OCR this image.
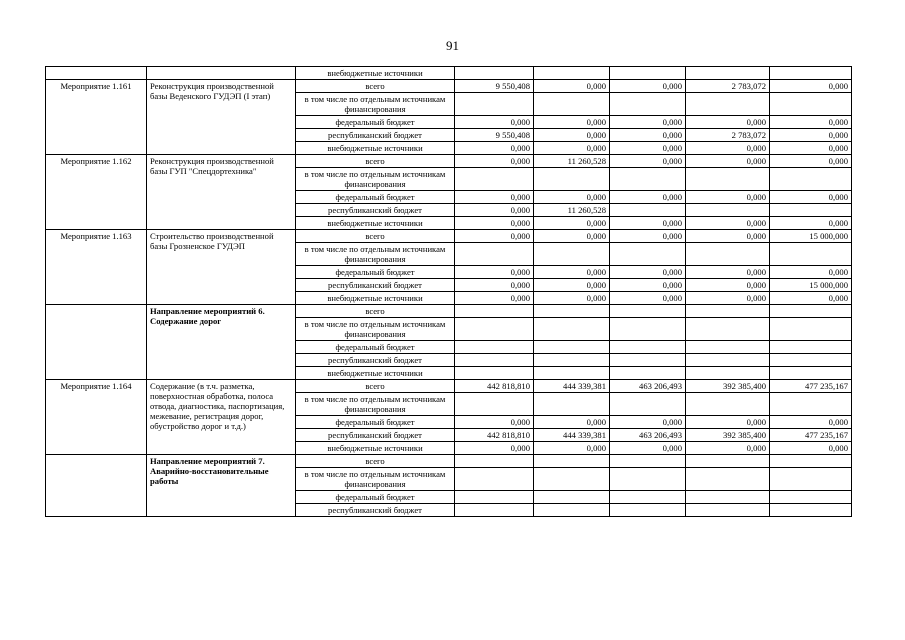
91
		внебюджетные источники					
Мероприятие 1.161	Реконструкция производственной базы Веденского ГУДЭП (I этап)	всего	9 550,408	0,000	0,000	2 783,072	0,000
		в том числе по отдельным источникам финансирования					
		федеральный бюджет	0,000	0,000	0,000	0,000	0,000
		республиканский бюджет	9 550,408	0,000	0,000	2 783,072	0,000
		внебюджетные источники	0,000	0,000	0,000	0,000	0,000
Мероприятие 1.162	Реконструкция производственной базы ГУП "Спецдортехника"	всего	0,000	11 260,528	0,000	0,000	0,000
		в том числе по отдельным источникам финансирования					
		федеральный бюджет	0,000	0,000	0,000	0,000	0,000
		республиканский бюджет	0,000	11 260,528			
		внебюджетные источники	0,000	0,000	0,000	0,000	0,000
Мероприятие 1.163	Строительство производственной базы Грозненское ГУДЭП	всего	0,000	0,000	0,000	0,000	15 000,000
		в том числе по отдельным источникам финансирования					
		федеральный бюджет	0,000	0,000	0,000	0,000	0,000
		республиканский бюджет	0,000	0,000	0,000	0,000	15 000,000
		внебюджетные источники	0,000	0,000	0,000	0,000	0,000
	Направление мероприятий 6. Содержание дорог	всего					
		в том числе по отдельным источникам финансирования					
		федеральный бюджет					
		республиканский бюджет					
		внебюджетные источники					
Мероприятие 1.164	Содержание (в т.ч. разметка, поверхностная обработка, полоса отвода, диагностика, паспортизация, межевание, регистрация дорог, обустройство дорог и т.д.)	всего	442 818,810	444 339,381	463 206,493	392 385,400	477 235,167
		в том числе по отдельным источникам финансирования					
		федеральный бюджет	0,000	0,000	0,000	0,000	0,000
		республиканский бюджет	442 818,810	444 339,381	463 206,493	392 385,400	477 235,167
		внебюджетные источники	0,000	0,000	0,000	0,000	0,000
	Направление мероприятий 7. Аварийно-восстановительные работы	всего					
		в том числе по отдельным источникам финансирования					
		федеральный бюджет					
		республиканский бюджет					
